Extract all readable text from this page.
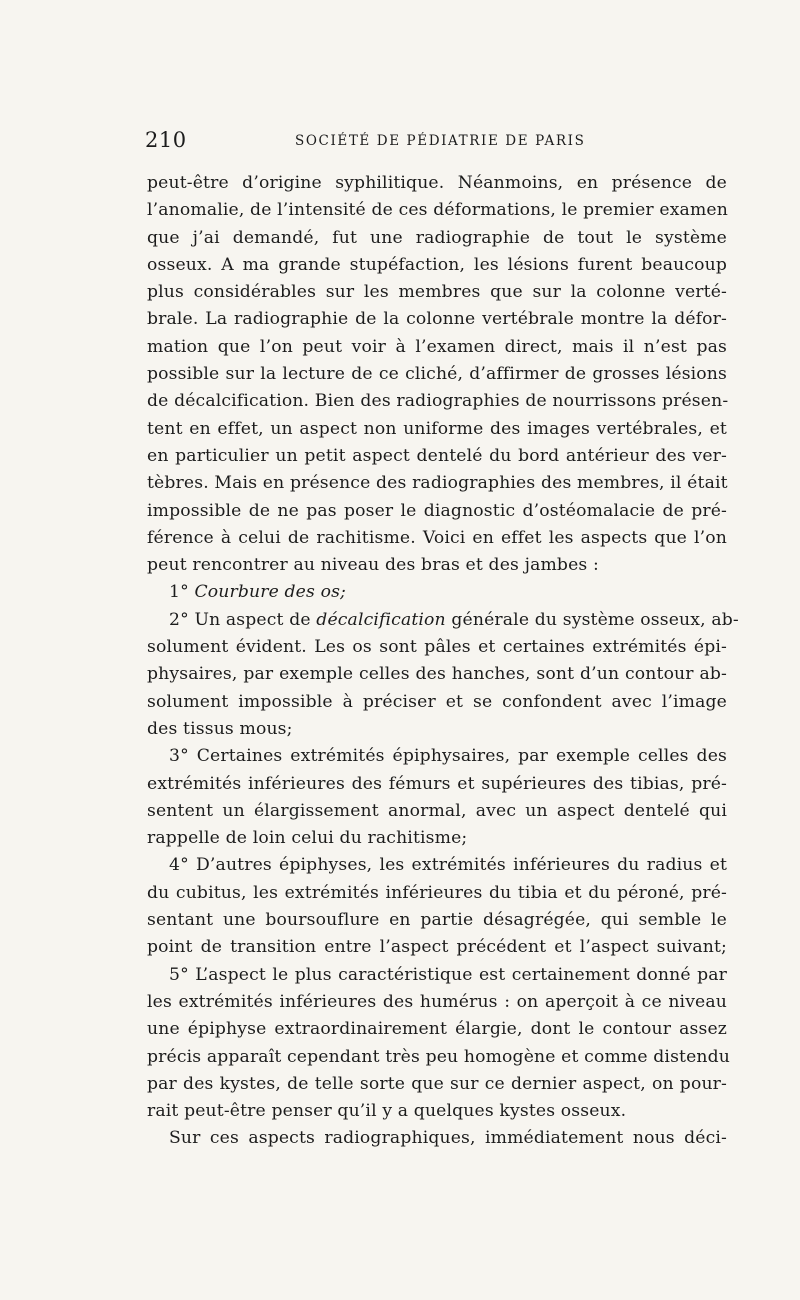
210	SOCIÉTÉ DE PÉDIATRIE DE PARIS
peut-être d’origine syphilitique. Néanmoins, en présence de
l’anomalie, de l’intensité de ces déformations, le premier examen
que j’ai demandé, fut une radiographie de tout le système
osseux. A ma grande stupéfaction, les lésions furent beaucoup
plus considérables sur les membres que sur la colonne verté-
brale. La radiographie de la colonne vertébrale montre la défor-
mation que l’on peut voir à l’examen direct, mais il n’est pas
possible sur la lecture de ce cliché, d’affirmer de grosses lésions
de décalcification. Bien des radiographies de nourrissons présen-
tent en effet, un aspect non uniforme des images vertébrales, et
en particulier un petit aspect dentelé du bord antérieur des ver-
tèbres. Mais en présence des radiographies des membres, il était
impossible de ne pas poser le diagnostic d’ostéomalacie de pré-
férence à celui de rachitisme. Voici en effet les aspects que l’on
peut rencontrer au niveau des bras et des jambes :
1° Courbure des os;
2° Un aspect de décalcification générale du système osseux, ab-
solument évident. Les os sont pâles et certaines extrémités épi-
physaires, par exemple celles des hanches, sont d’un contour ab-
solument impossible à préciser et se confondent avec l’image
des tissus mous;
3° Certaines extrémités épiphysaires, par exemple celles des
extrémités inférieures des fémurs et supérieures des tibias, pré-
sentent un élargissement anormal, avec un aspect dentelé qui
rappelle de loin celui du rachitisme;
4° D’autres épiphyses, les extrémités inférieures du radius et
du cubitus, les extrémités inférieures du tibia et du péroné, pré-
sentant une boursouflure en partie désagrégée, qui semble le
point de transition entre l’aspect précédent et l’aspect suivant;
5° L’aspect le plus caractéristique est certainement donné par
les extrémités inférieures des humérus : on aperçoit à ce niveau
une épiphyse extraordinairement élargie, dont le contour assez
précis apparaît cependant très peu homogène et comme distendu
par des kystes, de telle sorte que sur ce dernier aspect, on pour-
rait peut-être penser qu’il y a quelques kystes osseux.
Sur ces aspects radiographiques, immédiatement nous déci-
